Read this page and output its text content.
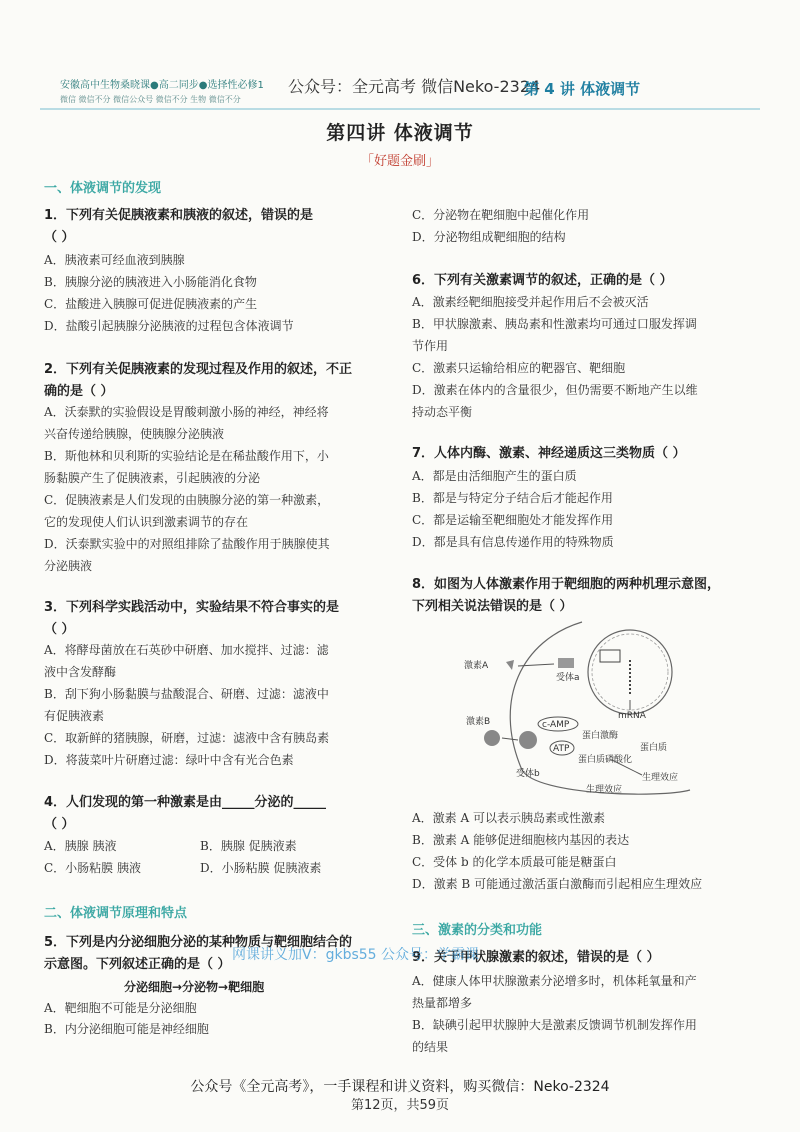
安徽高中生物桑晓课●高二同步●选择性必修1
微信 微信不分 微信公众号 微信不分 生物 微信不分
公众号：全元高考 微信Neko-2324
第 4 讲 体液调节
第四讲 体液调节
「好题金刷」
一、体液调节的发现
1．下列有关促胰液素和胰液的叙述，错误的是
（ ）
A．胰液素可经血液到胰腺
B．胰腺分泌的胰液进入小肠能消化食物
C．盐酸进入胰腺可促进促胰液素的产生
D．盐酸引起胰腺分泌胰液的过程包含体液调节
2．下列有关促胰液素的发现过程及作用的叙述，不正
确的是（ ）
A．沃泰默的实验假设是胃酸刺激小肠的神经，神经将
兴奋传递给胰腺，使胰腺分泌胰液
B．斯他林和贝利斯的实验结论是在稀盐酸作用下，小
肠黏膜产生了促胰液素，引起胰液的分泌
C．促胰液素是人们发现的由胰腺分泌的第一种激素，
它的发现使人们认识到激素调节的存在
D．沃泰默实验中的对照组排除了盐酸作用于胰腺使其
分泌胰液
3．下列科学实践活动中，实验结果不符合事实的是
（ ）
A．将酵母菌放在石英砂中研磨、加水搅拌、过滤：滤
液中含发酵酶
B．刮下狗小肠黏膜与盐酸混合、研磨、过滤：滤液中
有促胰液素
C．取新鲜的猪胰腺，研磨，过滤：滤液中含有胰岛素
D．将菠菜叶片研磨过滤：绿叶中含有光合色素
4．人们发现的第一种激素是由_____分泌的_____
（ ）
A．胰腺 胰液	B．胰腺 促胰液素
C．小肠粘膜 胰液	D．小肠粘膜 促胰液素
二、体液调节原理和特点
5．下列是内分泌细胞分泌的某种物质与靶细胞结合的
示意图。下列叙述正确的是（ ）
分泌细胞→分泌物→靶细胞
A．靶细胞不可能是分泌细胞
B．内分泌细胞可能是神经细胞
C．分泌物在靶细胞中起催化作用
D．分泌物组成靶细胞的结构
6．下列有关激素调节的叙述，正确的是（ ）
A．激素经靶细胞接受并起作用后不会被灭活
B．甲状腺激素、胰岛素和性激素均可通过口服发挥调
节作用
C．激素只运输给相应的靶器官、靶细胞
D．激素在体内的含量很少，但仍需要不断地产生以维
持动态平衡
7．人体内酶、激素、神经递质这三类物质（ ）
A．都是由活细胞产生的蛋白质
B．都是与特定分子结合后才能起作用
C．都是运输至靶细胞处才能发挥作用
D．都是具有信息传递作用的特殊物质
8．如图为人体激素作用于靶细胞的两种机理示意图，
下列相关说法错误的是（ ）
激素A
受体a
激素B	c-AMP
ATP
mRNA
蛋白激酶
蛋白质
蛋白质磷酸化
生理效应
受体b
生理效应
A．激素 A 可以表示胰岛素或性激素
B．激素 A 能够促进细胞核内基因的表达
C．受体 b 的化学本质最可能是糖蛋白
D．激素 B 可能通过激活蛋白激酶而引起相应生理效应
三、激素的分类和功能
9．关于甲状腺激素的叙述，错误的是（ ）
A．健康人体甲状腺激素分泌增多时，机体耗氧量和产
热量都增多
B．缺碘引起甲状腺肿大是激素反馈调节机制发挥作用
的结果
网课讲义加V：gkbs55 公众号：学霸课
公众号《全元高考》，一手课程和讲义资料，购买微信：Neko-2324
第12页，共59页
